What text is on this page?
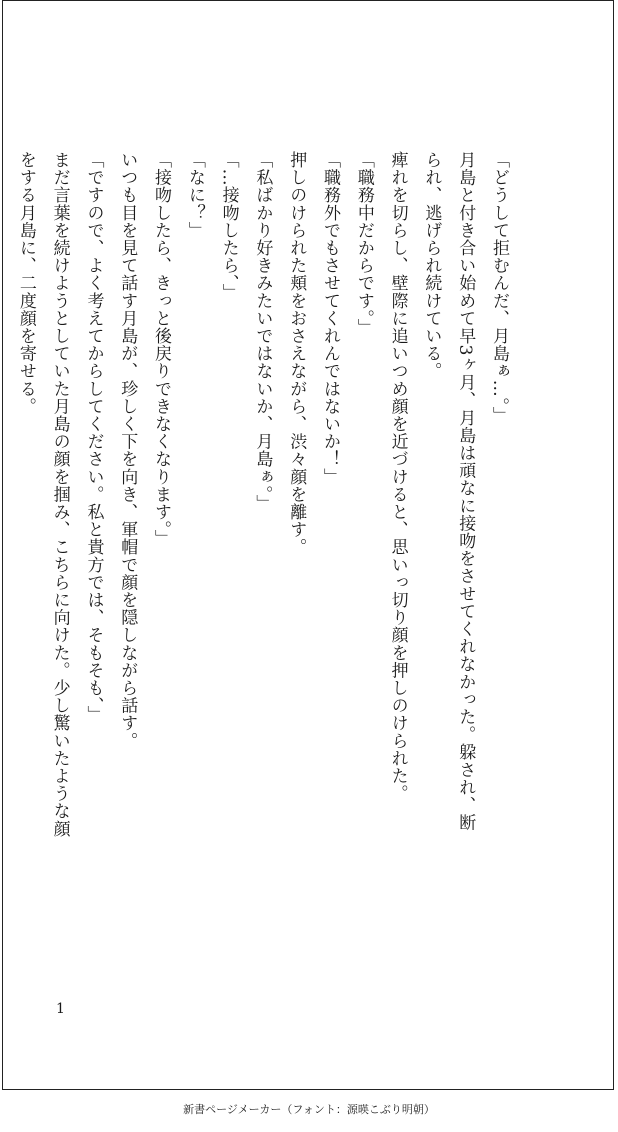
「どうして拒むんだ、月島ぁ…。」
月島と付き合い始めて早3ヶ月、月島は頑なに接吻をさせてくれなかった。躱され、断
られ、逃げられ続けている。
痺れを切らし、壁際に追いつめ顔を近づけると、思いっ切り顔を押しのけられた。
「職務中だからです。」
「職務外でもさせてくれんではないか！」
押しのけられた頬をおさえながら、渋々顔を離す。
「私ばかり好きみたいではないか、月島ぁ。」
「…接吻したら、」
「なに？」
「接吻したら、きっと後戻りできなくなります。」
いつも目を見て話す月島が、珍しく下を向き、軍帽で顔を隠しながら話す。
「ですので、よく考えてからしてください。私と貴方では、そもそも、」
まだ言葉を続けようとしていた月島の顔を掴み、こちらに向けた。少し驚いたような顔
をする月島に、二度顔を寄せる。
1
新書ページメーカー（フォント：源暎こぶり明朝）
